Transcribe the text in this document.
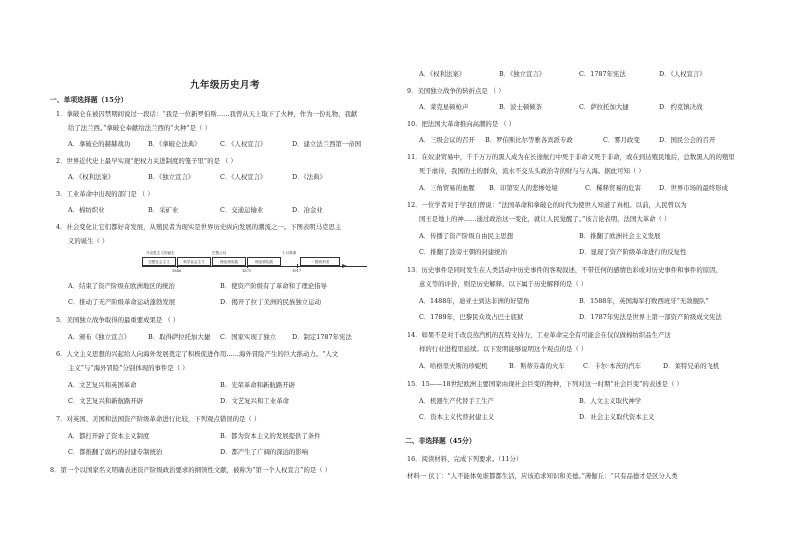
九年级历史月考
一、单项选择题（15分）
1．拿破仑在被囚禁期间说过一段话：“我是一位新罗伯斯……我曾从天上取下了火种，作为一份礼物，我献
给了法兰西。”拿破仑奉献给法兰西的“火种”是（ ）
A．拿破仑的赫赫战功	B．《拿破仑法典》	C．《人权宣言》	D．建立法兰西第一帝国
2．世界近代史上最早实现“把权力关进制度的笼子里”的是 （ ）
A．《权利法案》	B．《独立宣言》	C．《人权宣言》	D．《法典》
3．工业革命中出现的部门是 （ ）
A．棉纺织业	B．采矿业	C．交通运输业	D．冶金业
4．社会变化让它们都好奇发展，从殖民者为现实是世界历史纵向发展的潮流之一。下图表明马克思主
义的诞生（ ）
马克思主义的诞生	巴黎公社	十月革命
空想社会主义	科学社会主义	理论到实践	理论到实践	一国到多国
1848	1871	1917
A．结束了资产阶级在欧洲地区的统治	B．使资产阶级有了革命和了理论指导
C．推动了无产阶级革命运动蓬勃发展	D．揭开了拉丁美洲的民族独立运动
5．美国独立战争取得的最重要成果是 （ ）
A．颁布《独立宣言》	B．取得萨拉托加大捷	C．国家实现了独立	D．制定1787年宪法
6．人文主义思想的兴起给人向海外发展奠定了积极促进作用……海外冒险产生的巨大推动力。“人文
主义”与“海外冒险”分别体现的事件是（ ）
A．文艺复兴和英国革命	B．光荣革命和新航路开辟
C．文艺复兴和新航路开辟	D．文艺复兴和工业革命
7．对英国、美国和法国资产阶级革命进行比较，下列观点错误的是（ ）
A．都打开辟了资本主义制度	B．都为资本主义的发展提供了条件
C．都推翻了腐朽的封建专制统治	D．都产生了广阔的深远的影响
8．第一个以国家名义明确表述资产阶级政治要求的纲领性文献，被称为“第一个人权宣言”的是（ ）
A．《权利法案》	B．《独立宣言》	C．1787年宪法	D．《人权宣言》
9．美国独立战争的转折点是 （ ）
A．莱克星顿枪声	B．波士顿倾茶	C．萨拉托加大捷	D．约克镇决战
10．把法国大革命推向高潮的是 （ ）
A．三级会议的召开	B．罗伯斯比尔等雅各宾派专政	C．雾月政变	D．国民公会的召开
11．在奴隶贸易中，千千万万的黑人成为在长途航行中死于非命又死于非命，或在到达殖民地后，总数黑人的的殖里
死于虐待，我国的土的群众，流水不交头头政治寺的财与与人海。据此可知（ ）
A．三角贸易的血腥	B．印第安人的悲惨处境	C．稀释贸易的危害	D．世界市场的最终形成
12．一位学者对于学我们曾说：“法国革命和拿破仑的时代为使世人知道了真相。以前，人民曾以为
国王是地上的神……通过政治这一变化，就让人民觉醒了。”该言论表明，法国大革命（ ）
A．传播了资产阶级自由民主思想	B．推翻了欧洲社会主义发展
C．推翻了波旁王朝的封建统治	D．显现了资产阶级革命进行的反复性
13．历史事件是同时发生在人类活动中历史事件的客观叙述，不带任何的感情色彩或对历史事件和事件的原因、
意义等的评价，则是历史解释。以下属于历史解释的是（ ）
A．1488年，迪亚士到达非洲的好望角	B．1588年，英国海军打败西班牙“无敌舰队”
C．1789年，巴黎民众攻占巴士底狱	D．1787年宪法是世界上第一部资产阶级成文宪法
14．如果不是对于改良蒸汽机的瓦特支持力，工业革命完全有可能会在仅仅做棉纺织品生产这
样的行业进程里延续。以下发明能够说明这个观点的是（ ）
A．哈格里夫斯的珍妮机	B．斯蒂芬森的火车	C．卡尔·本茨的汽车	D．莱特兄弟的飞机
15．15——18世纪欧洲主要国家由现社会巨变的物种，下列对这一时期“社会巨变”的表述是（ ）
A．机器生产代替手工生产	B．人文主义取代神学
C．资本主义代替封建主义	D．社会主义取代资本主义
二、非选择题（45分）
16．阅读材料，完成下列要求。（11分）
材料一 伏丁：“人不能体免谁都都生活，应该追求知识和美德。”薄伽丘：“只有品德才是区分人类
